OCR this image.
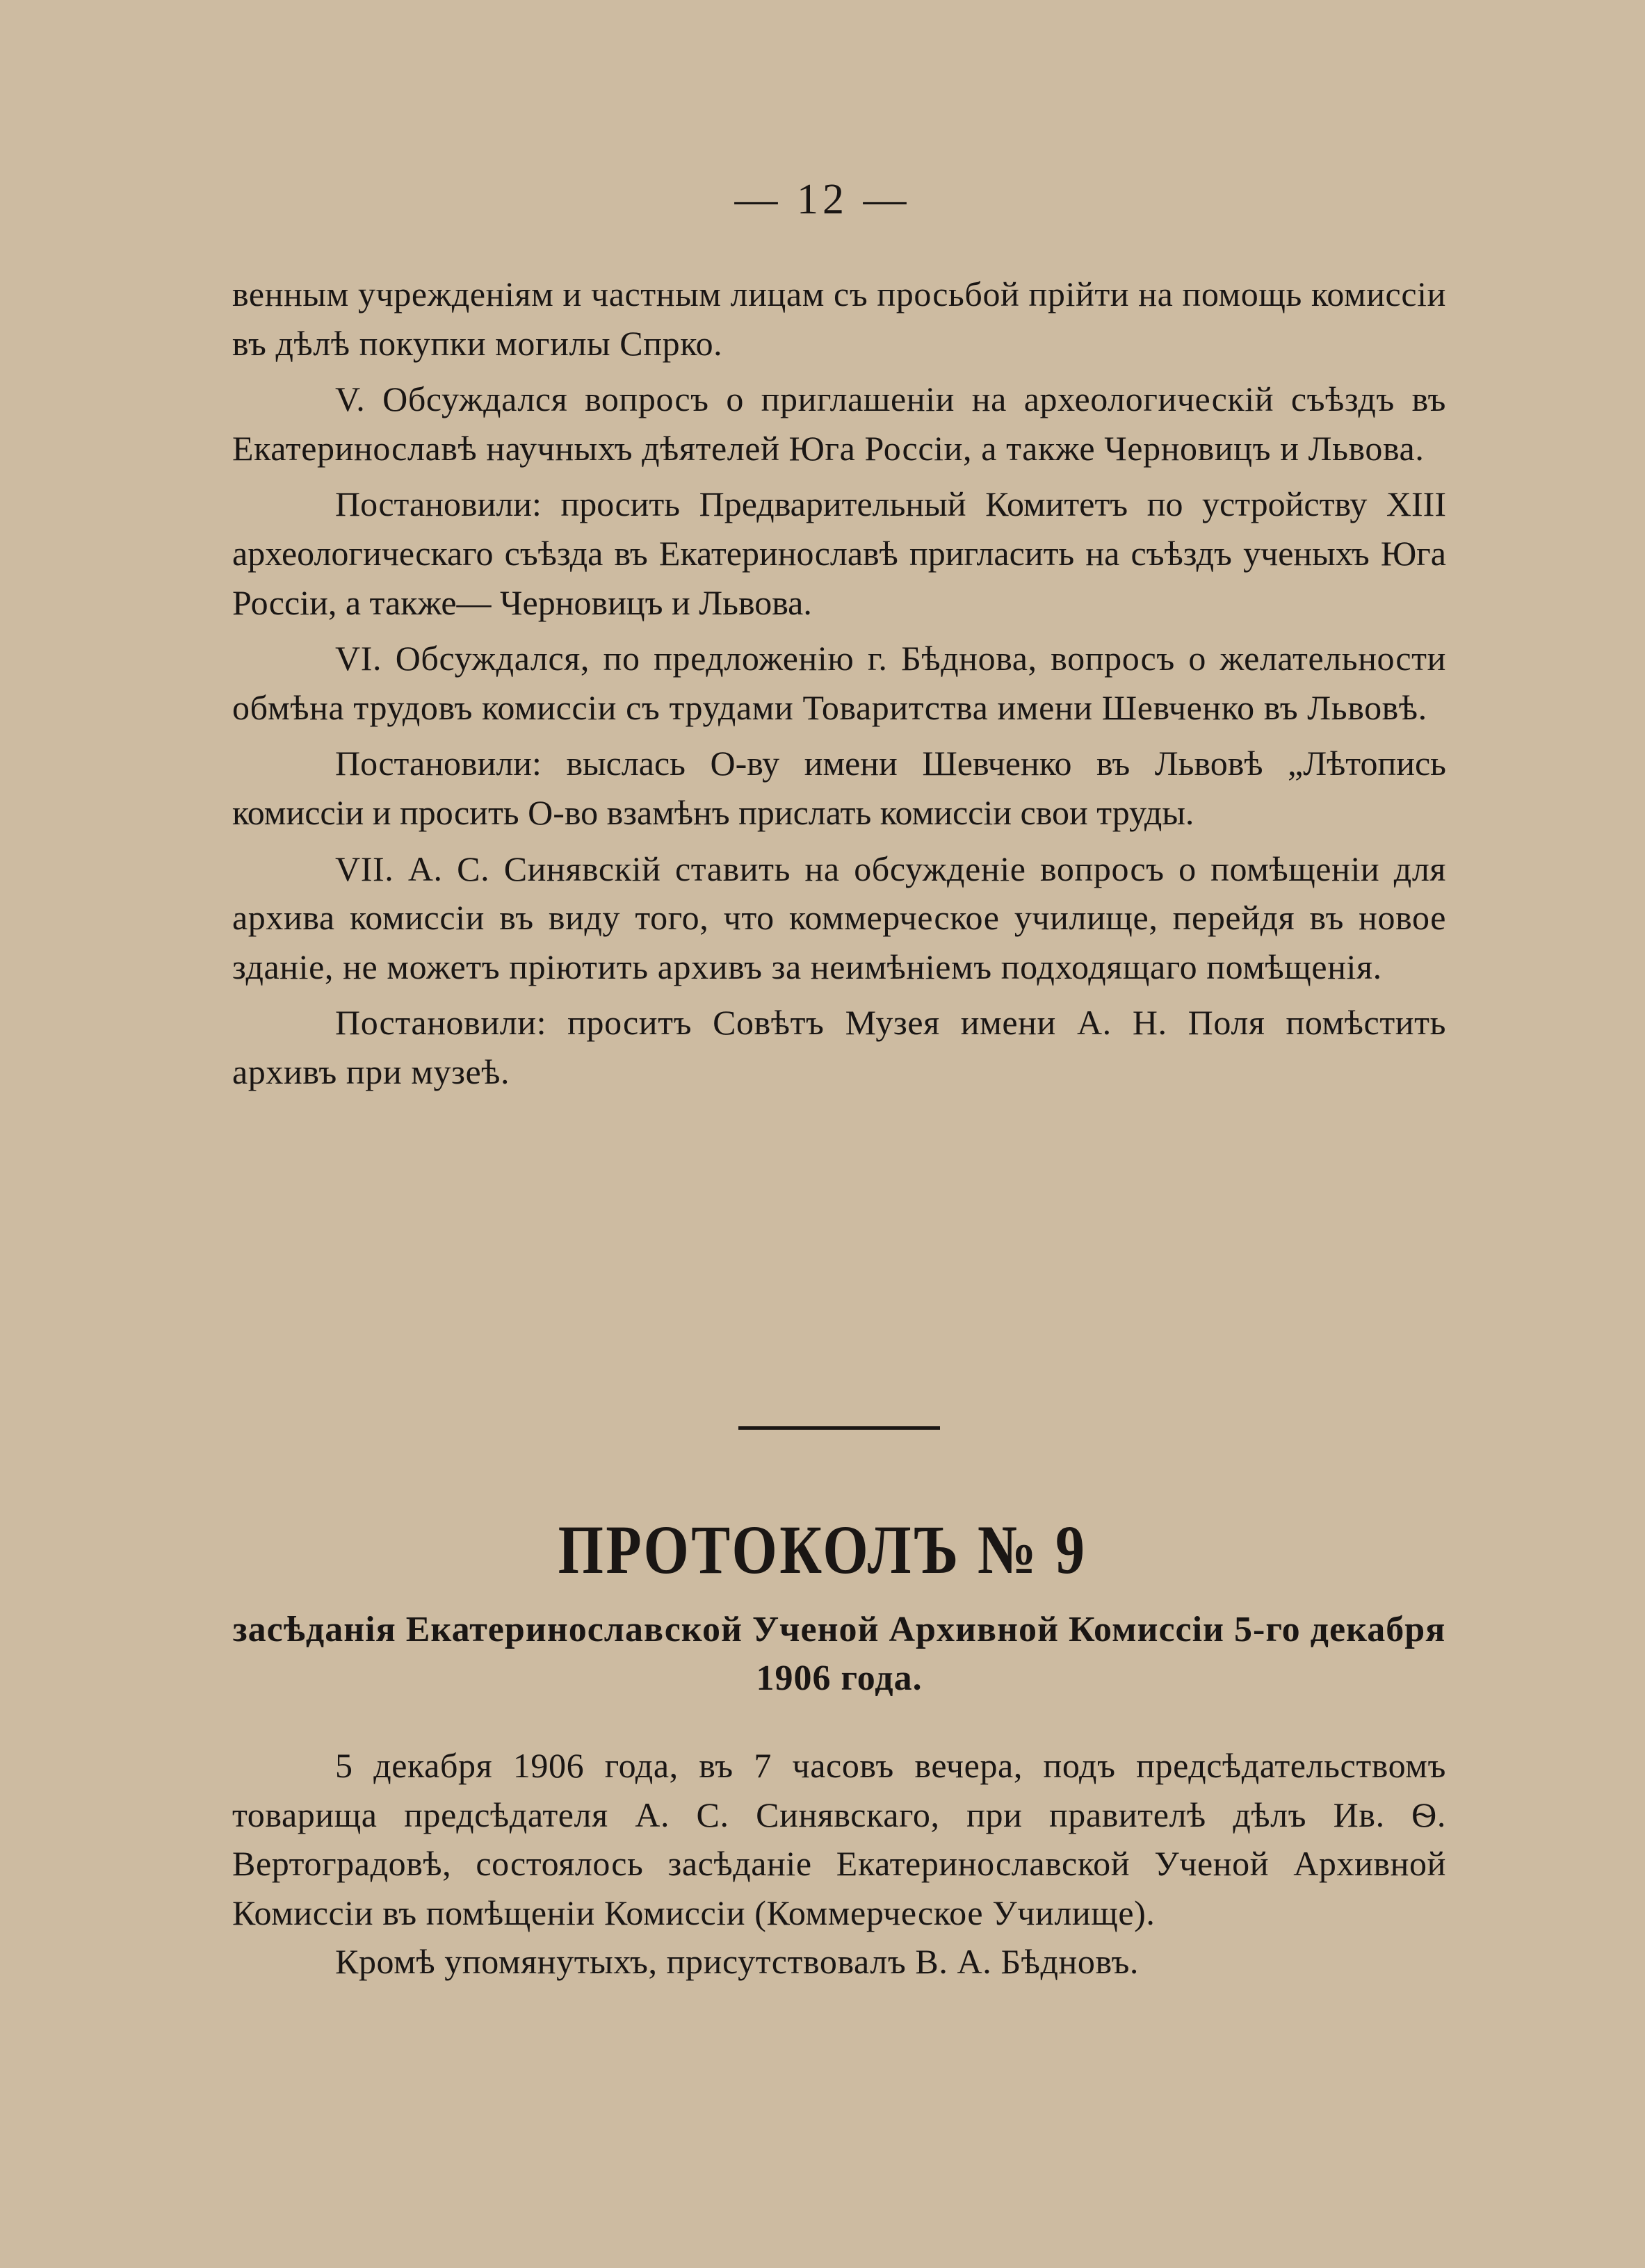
— 12 —

венным учрежденіям и частным лицам съ просьбой прійти на помощь комиссіи въ дѣлѣ покупки могилы Спрко.

V. Обсуждался вопросъ о приглашеніи на археологическій съѣздъ въ Екатеринославѣ научныхъ дѣятелей Юга Россіи, а также Черновицъ и Львова.

Постановили: просить Предварительный Комитетъ по устройству XIII археологическаго съѣзда въ Екатеринославѣ пригласить на съѣздъ ученыхъ Юга Россіи, а также— Черновицъ и Львова.

VI. Обсуждался, по предложенію г. Бѣднова, вопросъ о желательности обмѣна трудовъ комиссіи съ трудами Товаритства имени Шевченко въ Львовѣ.

Постановили: выслась О-ву имени Шевченко въ Львовѣ „Лѣтопись комиссіи и просить О-во взамѣнъ прислать комиссіи свои труды.

VII. А. С. Синявскій ставить на обсужденіе вопросъ о помѣщеніи для архива комиссіи въ виду того, что коммерческое училище, перейдя въ новое зданіе, не можетъ пріютить архивъ за неимѣніемъ подходящаго помѣщенія.

Постановили: проситъ Совѣтъ Музея имени А. Н. Поля помѣстить архивъ при музеѣ.

ПРОТОКОЛЪ № 9
засѣданія Екатеринославской Ученой Архивной Комиссіи 5-го декабря 1906 года.

5 декабря 1906 года, въ 7 часовъ вечера, подъ предсѣдательствомъ товарища предсѣдателя А. С. Синявскаго, при правителѣ дѣлъ Ив. Ѳ. Вертоградовѣ, состоялось засѣданіе Екатеринославской Ученой Архивной Комиссіи въ помѣщеніи Комиссіи (Коммерческое Училище).

Кромѣ упомянутыхъ, присутствовалъ В. А. Бѣдновъ.
